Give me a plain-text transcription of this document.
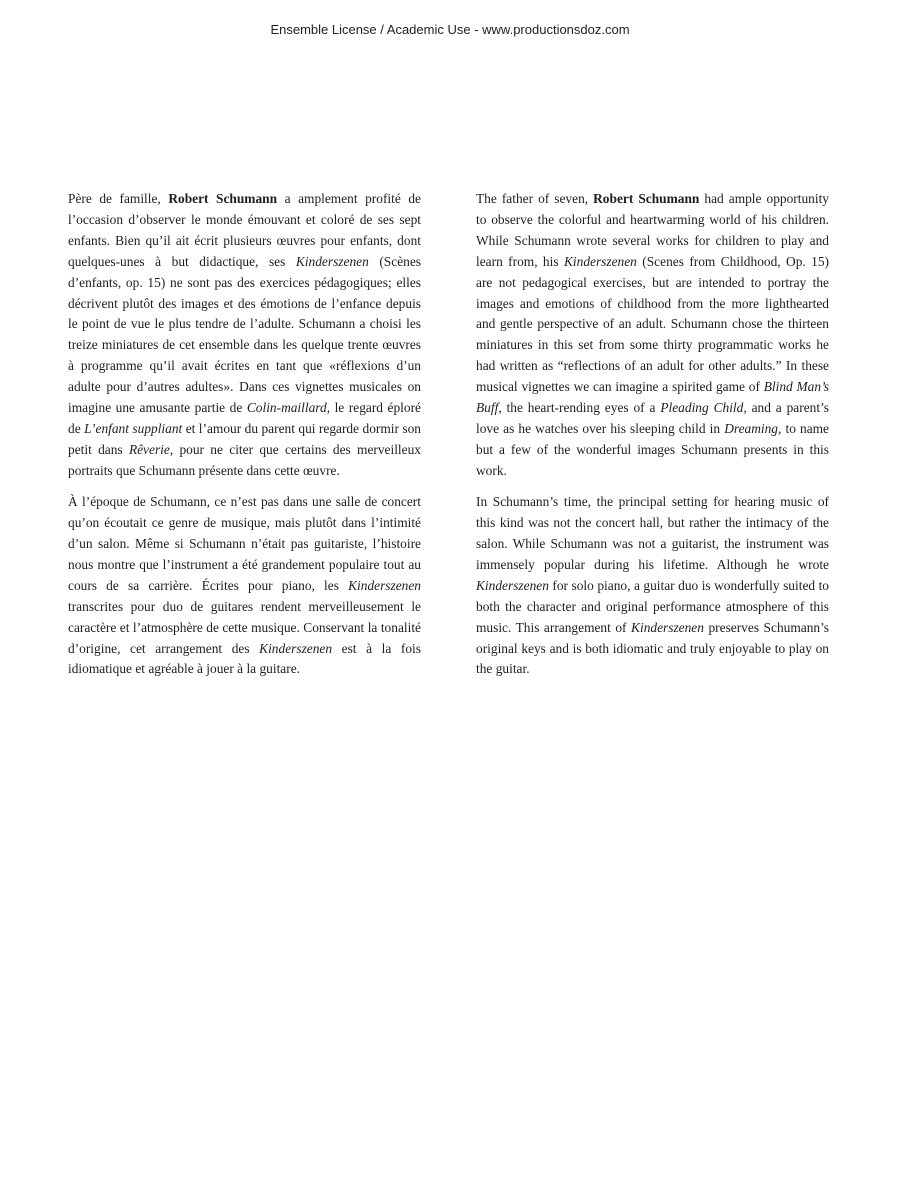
Ensemble License / Academic Use - www.productionsdoz.com

Père de famille, Robert Schumann a amplement profité de l’occasion d’observer le monde émouvant et coloré de ses sept enfants. Bien qu’il ait écrit plusieurs œuvres pour enfants, dont quelques-unes à but didactique, ses Kinderszenen (Scènes d’enfants, op. 15) ne sont pas des exercices pédagogiques; elles décrivent plutôt des images et des émotions de l’enfance depuis le point de vue le plus tendre de l’adulte. Schumann a choisi les treize miniatures de cet ensemble dans les quelque trente œuvres à programme qu’il avait écrites en tant que «réflexions d’un adulte pour d’autres adultes». Dans ces vignettes musicales on imagine une amusante partie de Colin-maillard, le regard éploré de L’enfant suppliant et l’amour du parent qui regarde dormir son petit dans Rêverie, pour ne citer que certains des merveilleux portraits que Schumann présente dans cette œuvre.

À l’époque de Schumann, ce n’est pas dans une salle de concert qu’on écoutait ce genre de musique, mais plutôt dans l’intimité d’un salon. Même si Schumann n’était pas guitariste, l’histoire nous montre que l’instrument a été grandement populaire tout au cours de sa carrière. Écrites pour piano, les Kinderszenen transcrites pour duo de guitares rendent merveilleusement le caractère et l’atmosphère de cette musique. Conservant la tonalité d’origine, cet arrangement des Kinderszenen est à la fois idiomatique et agréable à jouer à la guitare.

The father of seven, Robert Schumann had ample opportunity to observe the colorful and heartwarming world of his children. While Schumann wrote several works for children to play and learn from, his Kinderszenen (Scenes from Childhood, Op. 15) are not pedagogical exercises, but are intended to portray the images and emotions of childhood from the more lighthearted and gentle perspective of an adult. Schumann chose the thirteen miniatures in this set from some thirty programmatic works he had written as “reflections of an adult for other adults.” In these musical vignettes we can imagine a spirited game of Blind Man’s Buff, the heart-rending eyes of a Pleading Child, and a parent’s love as he watches over his sleeping child in Dreaming, to name but a few of the wonderful images Schumann presents in this work.

In Schumann’s time, the principal setting for hearing music of this kind was not the concert hall, but rather the intimacy of the salon. While Schumann was not a guitarist, the instrument was immensely popular during his lifetime. Although he wrote Kinderszenen for solo piano, a guitar duo is wonderfully suited to both the character and original performance atmosphere of this music. This arrangement of Kinderszenen preserves Schumann’s original keys and is both idiomatic and truly enjoyable to play on the guitar.
